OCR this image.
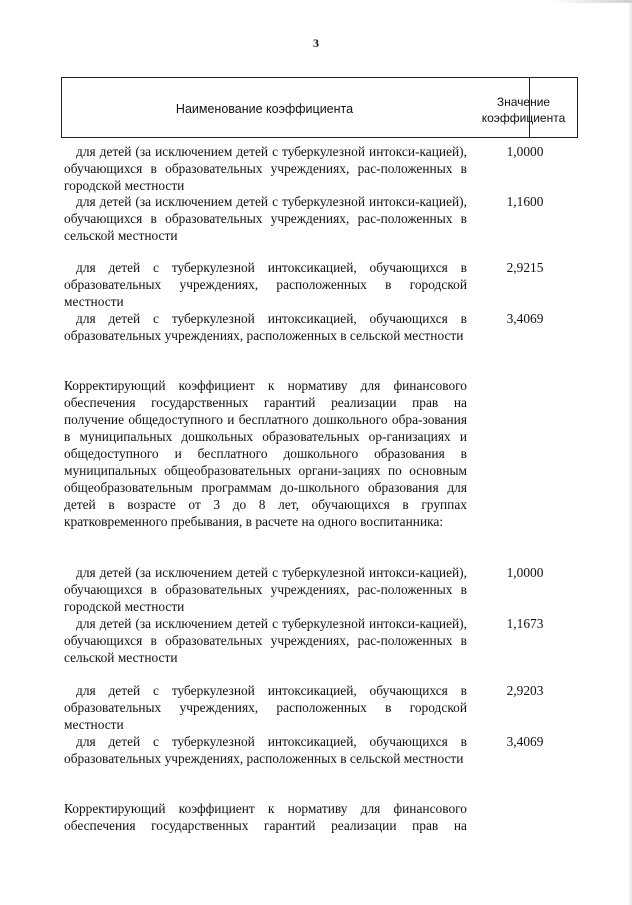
3
Наименование коэффициента	Значение
коэффициента

для детей (за исключением детей с туберкулезной интокси-кацией), обучающихся в образовательных учреждениях, рас-положенных в городской местности

1,0000

для детей (за исключением детей с туберкулезной интокси-кацией), обучающихся в образовательных учреждениях, рас-положенных в сельской местности

1,1600

для детей с туберкулезной интоксикацией, обучающихся в образовательных учреждениях, расположенных в городской местности

2,9215

для детей с туберкулезной интоксикацией, обучающихся в образовательных учреждениях, расположенных в сельской местности

3,4069

Корректирующий коэффициент к нормативу для финансового обеспечения государственных гарантий реализации прав на получение общедоступного и бесплатного дошкольного обра-зования в муниципальных дошкольных образовательных ор-ганизациях и общедоступного и бесплатного дошкольного образования в муниципальных общеобразовательных органи-зациях по основным общеобразовательным программам до-школьного образования для детей в возрасте от 3 до 8 лет, обучающихся в группах кратковременного пребывания, в расчете на одного воспитанника:

для детей (за исключением детей с туберкулезной интокси-кацией), обучающихся в образовательных учреждениях, рас-положенных в городской местности

1,0000

для детей (за исключением детей с туберкулезной интокси-кацией), обучающихся в образовательных учреждениях, рас-положенных в сельской местности

1,1673

для детей с туберкулезной интоксикацией, обучающихся в образовательных учреждениях, расположенных в городской местности

2,9203

для детей с туберкулезной интоксикацией, обучающихся в образовательных учреждениях, расположенных в сельской местности

3,4069

Корректирующий коэффициент к нормативу для финансового обеспечения государственных гарантий реализации прав на
